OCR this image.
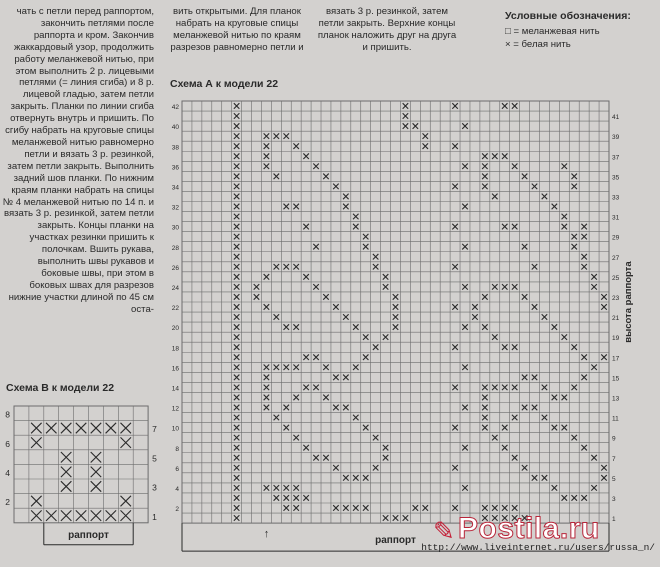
чать с петли перед раппортом, закончить петлями после раппорта и кром. Закончив жаккардовый узор, продолжить работу меланжевой нитью, при этом выполнить 2 р. лицевыми петлями (= линия сгиба) и 8 р. лицевой гладью, затем петли закрыть. Планки по линии сгиба отвернуть внутрь и пришить. По сгибу набрать на круговые спицы меланжевой нитью равномерно петли и вязать 3 р. резинкой, затем петли закрыть. Выполнить задний шов планки. По нижним краям планки набрать на спицы № 4 меланжевой нитью по 14 п. и вязать 3 р. резинкой, затем петли закрыть. Концы планки на участках резинки пришить к полочкам. Вшить рукава, выполнить швы рукавов и боковые швы, при этом в боковых швах для разрезов нижние участки длиной по 45 см оста-
вить открытыми. Для планок набрать на круговые спицы меланжевой нитью по краям разрезов равномерно петли и
вязать 3 р. резинкой, затем петли закрыть. Верхние концы планок наложить друг на друга и пришить.
Условные обозначения:
□ = меланжевая нить
× = белая нить
Схема А к модели 22
Схема В к модели 22
42
40
38
36
34
32
30
28
26
24
22
20
18
16
14
12
10
8
6
4
2
41
39
37
35
33
31
29
27
25
23
21
19
17
15
13
11
9
7
5
3
1
высота раппорта
раппорт
↑
8
6
4
2
7
5
3
1
раппорт	✎ Postila.ru
http://www.liveinternet.ru/users/russa_n/
